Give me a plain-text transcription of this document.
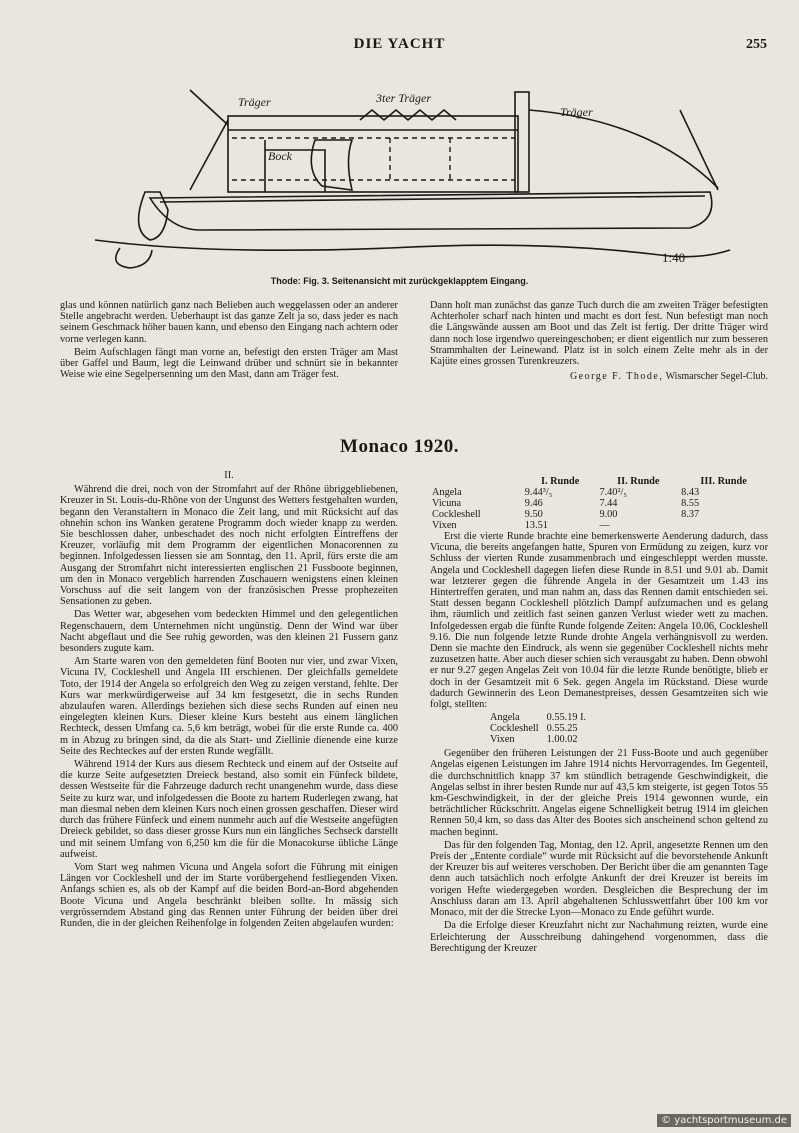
DIE YACHT	255
Träger	3ter Träger
Träger
Bock
1:40
Thode: Fig. 3. Seitenansicht mit zurückgeklapptem Eingang.

glas und können natürlich ganz nach Belieben auch weggelassen oder an anderer Stelle angebracht werden. Ueberhaupt ist das ganze Zelt ja so, dass jeder es nach seinem Geschmack höher bauen kann, und ebenso den Eingang nach achtern oder vorne verlegen kann.

Beim Aufschlagen fängt man vorne an, befestigt den ersten Träger am Mast über Gaffel und Baum, legt die Leinwand drüber und schnürt sie in bekannter Weise wie eine Segelpersenning um den Mast, dann am Träger fest.

Dann holt man zunächst das ganze Tuch durch die am zweiten Träger befestigten Achterholer scharf nach hinten und macht es dort fest. Nun befestigt man noch die Längswände aussen am Boot und das Zelt ist fertig. Der dritte Träger wird dann noch lose irgendwo quereingeschoben; er dient eigentlich nur zum besseren Strammhalten der Leinewand. Platz ist in solch einem Zelte mehr als in der Kajüte eines grossen Turenkreuzers.

George F. Thode, Wismarscher Segel-Club.
Monaco 1920.
II.

Während die drei, noch von der Stromfahrt auf der Rhône übriggebliebenen, Kreuzer in St. Louis-du-Rhône von der Ungunst des Wetters festgehalten wurden, begann den Veranstaltern in Monaco die Zeit lang, und mit Rücksicht auf das ohnehin schon ins Wanken geratene Programm doch wieder knapp zu werden. Sie beschlossen daher, unbeschadet des noch nicht erfolgten Eintreffens der Kreuzer, vorläufig mit dem Programm der eigentlichen Monacorennen zu beginnen. Infolgedessen liessen sie am Sonntag, den 11. April, fürs erste die am Ausgang der Stromfahrt nicht interessierten englischen 21 Fussboote beginnen, um den in Monaco vergeblich harrenden Zuschauern wenigstens einen kleinen Vorschuss auf die seit langem von der französischen Presse prophezeiten Sensationen zu geben.

Das Wetter war, abgesehen vom bedeckten Himmel und den gelegentlichen Regenschauern, dem Unternehmen nicht ungünstig. Denn der Wind war über Nacht abgeflaut und die See ruhig geworden, was den kleinen 21 Fussern ganz besonders zugute kam.

Am Starte waren von den gemeldeten fünf Booten nur vier, und zwar Vixen, Vicuna IV, Cockleshell und Angela III erschienen. Der gleichfalls gemeldete Toto, der 1914 der Angela so erfolgreich den Weg zu zeigen verstand, fehlte. Der Kurs war merkwürdigerweise auf 34 km festgesetzt, die in sechs Runden abzulaufen waren. Allerdings beziehen sich diese sechs Runden auf einen neu eingelegten kleinen Kurs. Dieser kleine Kurs besteht aus einem länglichen Rechteck, dessen Umfang ca. 5,6 km beträgt, wobei für die erste Runde ca. 400 m in Abzug zu bringen sind, da die als Start- und Ziellinie dienende eine kurze Seite des Rechteckes auf der ersten Runde wegfällt.

Während 1914 der Kurs aus diesem Rechteck und einem auf der Ostseite auf die kurze Seite aufgesetzten Dreieck bestand, also somit ein Fünfeck bildete, dessen Westseite für die Fahrzeuge dadurch recht unangenehm wurde, dass diese Seite zu kurz war, und infolgedessen die Boote zu hartem Ruderlegen zwang, hat man diesmal neben dem kleinen Kurs noch einen grossen geschaffen. Dieser wird durch das frühere Fünfeck und einem nunmehr auch auf die Westseite angefügten Dreieck gebildet, so dass dieser grosse Kurs nun ein längliches Sechseck darstellt und mit seinem Umfang von 6,250 km die für die Monacokurse übliche Länge aufweist.

Vom Start weg nahmen Vicuna und Angela sofort die Führung mit einigen Längen vor Cockleshell und der im Starte vorübergehend festliegenden Vixen. Anfangs schien es, als ob der Kampf auf die beiden Bord-an-Bord abgehenden Boote Vicuna und Angela beschränkt bleiben sollte. In mässig sich vergrösserndem Abstand ging das Rennen unter Führung der beiden über drei Runden, die in der gleichen Reihenfolge in folgenden Zeiten abgelaufen wurden:

	I. Runde	II. Runde	III. Runde
Angela	9.44³/₅	7.40²/₅	8.43
Vicuna	9.46	7.44	8.55
Cockleshell	9.50	9.00	8.37
Vixen	13.51	—	

Erst die vierte Runde brachte eine bemerkenswerte Aenderung dadurch, dass Vicuna, die bereits angefangen hatte, Spuren von Ermüdung zu zeigen, kurz vor Schluss der vierten Runde zusammenbrach und eingeschleppt werden musste. Angela und Cockleshell dagegen liefen diese Runde in 8.51 und 9.01 ab. Damit war letzterer gegen die führende Angela in der Gesamtzeit um 1.43 ins Hintertreffen geraten, und man nahm an, dass das Rennen damit entschieden sei. Statt dessen begann Cockleshell plötzlich Dampf aufzumachen und es gelang ihm, räumlich und zeitlich fast seinen ganzen Verlust wieder wett zu machen. Infolgedessen ergab die fünfte Runde folgende Zeiten: Angela 10.06, Cockleshell 9.16. Die nun folgende letzte Runde drohte Angela verhängnisvoll zu werden. Denn sie machte den Eindruck, als wenn sie gegenüber Cockleshell nichts mehr zuzusetzen hatte. Aber auch dieser schien sich verausgabt zu haben. Denn obwohl er nur 9.27 gegen Angelas Zeit von 10.04 für die letzte Runde benötigte, blieb er doch in der Gesamtzeit mit 6 Sek. gegen Angela im Rückstand. Diese wurde dadurch Gewinnerin des Leon Demanestpreises, dessen Gesamtzeiten sich wie folgt, stellten:

Angela	0.55.19 I.
Cockleshell	0.55.25
Vixen	1.00.02

Gegenüber den früheren Leistungen der 21 Fuss-Boote und auch gegenüber Angelas eigenen Leistungen im Jahre 1914 nichts Hervorragendes. Im Gegenteil, die durchschnittlich knapp 37 km stündlich betragende Geschwindigkeit, die Angelas selbst in ihrer besten Runde nur auf 43,5 km steigerte, ist gegen Totos 55 km-Geschwindigkeit, in der der gleiche Preis 1914 gewonnen wurde, ein beträchtlicher Rückschritt. Angelas eigene Schnelligkeit betrug 1914 im gleichen Rennen 50,4 km, so dass das Alter des Bootes sich anscheinend schon geltend zu machen beginnt.

Das für den folgenden Tag, Montag, den 12. April, angesetzte Rennen um den Preis der „Entente cordiale“ wurde mit Rücksicht auf die bevorstehende Ankunft der Kreuzer bis auf weiteres verschoben. Der Bericht über die am genannten Tage denn auch tatsächlich noch erfolgte Ankunft der drei Kreuzer ist bereits im vorigen Hefte wiedergegeben worden. Desgleichen die Besprechung der im Anschluss daran am 13. April abgehaltenen Schlusswettfahrt über 100 km vor Monaco, mit der die Strecke Lyon—Monaco zu Ende geführt wurde.

Da die Erfolge dieser Kreuzfahrt nicht zur Nachahmung reizten, wurde eine Erleichterung der Ausschreibung dahingehend vorgenommen, dass die Berechtigung der Kreuzer

© yachtsportmuseum.de
